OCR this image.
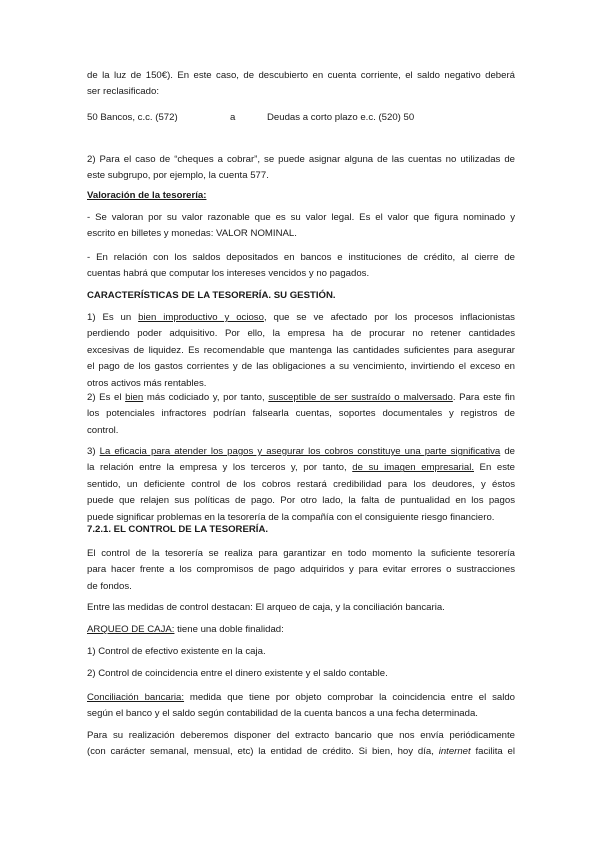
de la luz de 150€). En este caso, de descubierto en cuenta corriente, el saldo negativo deberá
ser reclasificado:
50 Bancos, c.c. (572)	a	Deudas a corto plazo e.c. (520) 50
2) Para el caso de “cheques a cobrar”, se puede asignar alguna de las cuentas no utilizadas de
este subgrupo, por ejemplo, la cuenta 577.
Valoración de la tesorería:
- Se valoran por su valor razonable que es su valor legal. Es el valor que figura nominado y
escrito en billetes y monedas: VALOR NOMINAL.
- En relación con los saldos depositados en bancos e instituciones de crédito, al cierre de
cuentas habrá que computar los intereses vencidos y no pagados.
CARACTERÍSTICAS DE LA TESORERÍA. SU GESTIÓN.
1) Es un bien improductivo y ocioso, que se ve afectado por los procesos inflacionistas
perdiendo poder adquisitivo. Por ello, la empresa ha de procurar no retener cantidades
excesivas de liquidez. Es recomendable que mantenga las cantidades suficientes para asegurar
el pago de los gastos corrientes y de las obligaciones a su vencimiento, invirtiendo el exceso en
otros activos más rentables.
2) Es el bien más codiciado y, por tanto, susceptible de ser sustraído o malversado. Para este fin
los potenciales infractores podrían falsearla cuentas, soportes documentales y registros de
control.
3) La eficacia para atender los pagos y asegurar los cobros constituye una parte significativa de
la relación entre la empresa y los terceros y, por tanto, de su imagen empresarial. En este
sentido, un deficiente control de los cobros restará credibilidad para los deudores, y éstos
puede que relajen sus políticas de pago. Por otro lado, la falta de puntualidad en los pagos
puede significar problemas en la tesorería de la compañía con el consiguiente riesgo financiero.
7.2.1. EL CONTROL DE LA TESORERÍA.
El control de la tesorería se realiza para garantizar en todo momento la suficiente tesorería
para hacer frente a los compromisos de pago adquiridos y para evitar errores o sustracciones
de fondos.
Entre las medidas de control destacan: El arqueo de caja, y la conciliación bancaria.
ARQUEO DE CAJA: tiene una doble finalidad:
1) Control de efectivo existente en la caja.
2) Control de coincidencia entre el dinero existente y el saldo contable.
Conciliación bancaria: medida que tiene por objeto comprobar la coincidencia entre el saldo
según el banco y el saldo según contabilidad de la cuenta bancos a una fecha determinada.
Para su realización deberemos disponer del extracto bancario que nos envía periódicamente
(con carácter semanal, mensual, etc) la entidad de crédito. Si bien, hoy día, internet facilita el
